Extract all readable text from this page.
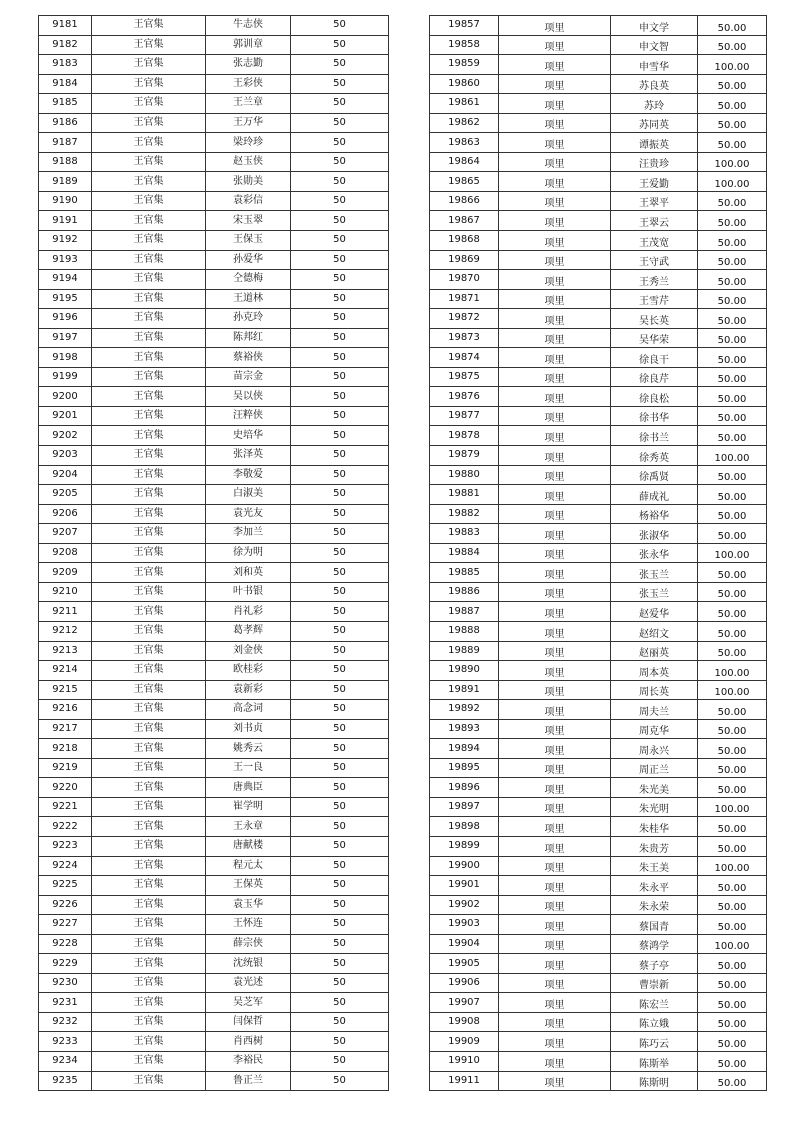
9181	王官集	牛志侠	50
9182	王官集	郭训章	50
9183	王官集	张志勤	50
9184	王官集	王彩侠	50
9185	王官集	王兰章	50
9186	王官集	王万华	50
9187	王官集	梁玲珍	50
9188	王官集	赵玉侠	50
9189	王官集	张勋美	50
9190	王官集	袁彩信	50
9191	王官集	宋玉翠	50
9192	王官集	王保玉	50
9193	王官集	孙爱华	50
9194	王官集	仝德梅	50
9195	王官集	王道林	50
9196	王官集	孙克玲	50
9197	王官集	陈邦红	50
9198	王官集	蔡裕侠	50
9199	王官集	苗宗金	50
9200	王官集	吴以侠	50
9201	王官集	汪粹侠	50
9202	王官集	史培华	50
9203	王官集	张泽英	50
9204	王官集	李敬爱	50
9205	王官集	白淑美	50
9206	王官集	袁光友	50
9207	王官集	李加兰	50
9208	王官集	徐为明	50
9209	王官集	刘和英	50
9210	王官集	叶书银	50
9211	王官集	肖礼彩	50
9212	王官集	葛孝辉	50
9213	王官集	刘金侠	50
9214	王官集	欧桂彩	50
9215	王官集	袁新彩	50
9216	王官集	高念词	50
9217	王官集	刘书贞	50
9218	王官集	姚秀云	50
9219	王官集	王一良	50
9220	王官集	唐典臣	50
9221	王官集	崔学明	50
9222	王官集	王永章	50
9223	王官集	唐献楼	50
9224	王官集	程元太	50
9225	王官集	王保英	50
9226	王官集	袁玉华	50
9227	王官集	王怀连	50
9228	王官集	薛宗侠	50
9229	王官集	沈统银	50
9230	王官集	袁光述	50
9231	王官集	吴芝军	50
9232	王官集	闫保哲	50
9233	王官集	肖西树	50
9234	王官集	李裕民	50
9235	王官集	鲁正兰	50
19857	项里	申文学	50.00
19858	项里	申文智	50.00
19859	项里	申雪华	100.00
19860	项里	苏良英	50.00
19861	项里	苏玲	50.00
19862	项里	苏同英	50.00
19863	项里	谭振英	50.00
19864	项里	汪贵珍	100.00
19865	项里	王爱勤	100.00
19866	项里	王翠平	50.00
19867	项里	王翠云	50.00
19868	项里	王茂宽	50.00
19869	项里	王守武	50.00
19870	项里	王秀兰	50.00
19871	项里	王雪芹	50.00
19872	项里	吴长英	50.00
19873	项里	吴华荣	50.00
19874	项里	徐良干	50.00
19875	项里	徐良芹	50.00
19876	项里	徐良松	50.00
19877	项里	徐书华	50.00
19878	项里	徐书兰	50.00
19879	项里	徐秀英	100.00
19880	项里	徐禹贤	50.00
19881	项里	薛成礼	50.00
19882	项里	杨裕华	50.00
19883	项里	张淑华	50.00
19884	项里	张永华	100.00
19885	项里	张玉兰	50.00
19886	项里	张玉兰	50.00
19887	项里	赵爱华	50.00
19888	项里	赵绍文	50.00
19889	项里	赵丽英	50.00
19890	项里	周本英	100.00
19891	项里	周长英	100.00
19892	项里	周夫兰	50.00
19893	项里	周克华	50.00
19894	项里	周永兴	50.00
19895	项里	周正兰	50.00
19896	项里	朱光美	50.00
19897	项里	朱光明	100.00
19898	项里	朱桂华	50.00
19899	项里	朱贵芳	50.00
19900	项里	朱王美	100.00
19901	项里	朱永平	50.00
19902	项里	朱永荣	50.00
19903	项里	蔡国青	50.00
19904	项里	蔡鸿学	100.00
19905	项里	蔡子亭	50.00
19906	项里	曹崇新	50.00
19907	项里	陈宏兰	50.00
19908	项里	陈立娥	50.00
19909	项里	陈巧云	50.00
19910	项里	陈斯举	50.00
19911	项里	陈斯明	50.00
